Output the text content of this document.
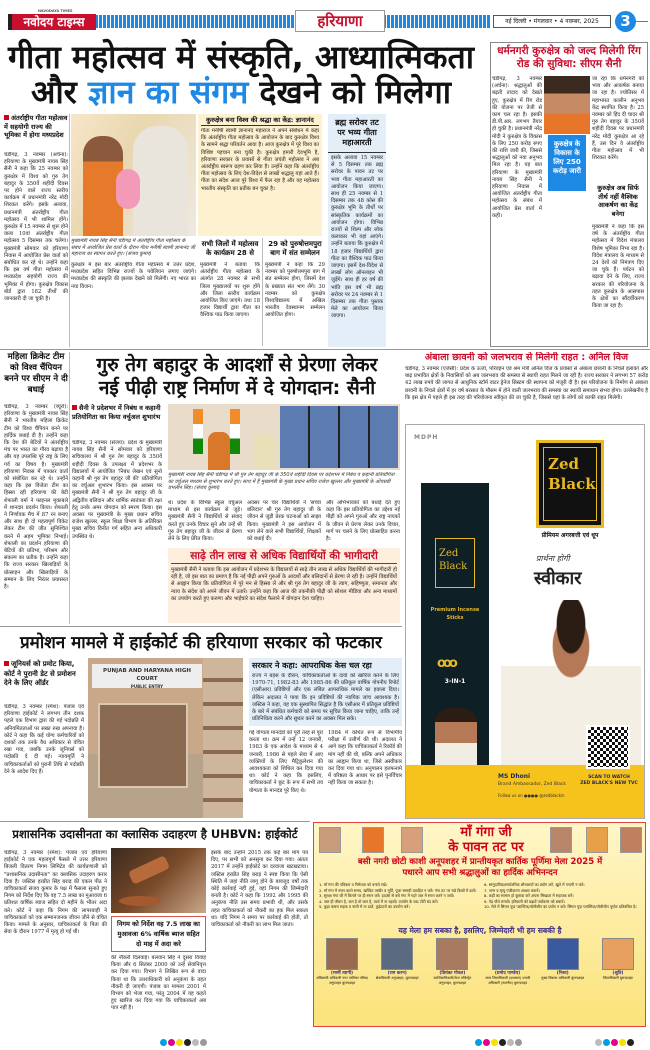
NAVODAYA TIMES
नवोदय टाइम्स	हरियाणा	नई दिल्ली • मंगलवार • 4 नवम्बर, 2025	3
गीता महोत्सव में संस्कृति, आध्यात्मिकता
और ज्ञान का संगम देखने को मिलेगा
अंतर्राष्ट्रीय गीता महोत्सव में सहयोगी राज्य की भूमिका में होगा मध्यप्रदेश
चंडीगढ़, 3 नवम्बर (अर्चना): हरियाणा के मुख्यमंत्री नायब सिंह सैनी ने कहा कि 25 नवम्बर को कुरुक्षेत्र में विश्व को गुरु तेग बहादुर के 350वें शहीदी दिवस पर होने वाले राज्य स्तरीय कार्यक्रम में प्रधानमंत्री नरेंद्र मोदी शिरकत करेंगे। इसके अलावा, प्रधानमंत्री अंतर्राष्ट्रीय गीता महोत्सव में भी शामिल होंगे। कुरुक्षेत्र में 15 नवम्बर से शुरू होने वाला 10वां अंतर्राष्ट्रीय गीता महोत्सव 5 दिसम्बर तक चलेगा। मुख्यमंत्री सोमवार को हरियाणा निवास में आयोजित प्रेस वार्ता को संबोधित कर रहे थे। उन्होंने कहा कि इस वर्ष गीता महोत्सव में मध्यप्रदेश सहयोगी राज्य की भूमिका में होगा। कुरुक्षेत्र विकास बोर्ड द्वारा 182 तीर्थों की जानकारी दी जा चुकी है।
मुख्यमंत्री नायब सिंह सैनी चंडीगढ़ में अंतर्राष्ट्रीय गीता महोत्सव के संबंध में आयोजित प्रेस वार्ता के दौरान गीता मनीषी स्वामी ज्ञानानंद जी महाराज का स्वागत करते हुए। (संजय कुमार)
कुरुक्षेत्र में इस बार अंतर्राष्ट्रीय गीता महोत्सव में उत्तर प्रदेश, मध्यप्रदेश सहित विभिन्न राज्यों के पवेलियन लगाए जाएंगे। मध्यप्रदेश की संस्कृति की झलक देखने को मिलेगी। नए भारत का नया विजन।
कुरुक्षेत्र बना विश्व की श्रद्धा का केंद्र: ज्ञानानंद
गीता मनीषी स्वामी ज्ञानानंद महाराज ने अपने संबोधन में कहा कि अंतर्राष्ट्रीय गीता महोत्सव के आयोजन के बाद कुरुक्षेत्र विश्व के सामने श्रद्धा परिवर्तन आया है। आज कुरुक्षेत्र में पूरे विश्व का विशिष्ट पहचान बना चुकी है। कुरुक्षेत्र हमारी देवभूमि है, हरियाणा सरकार के प्रयासों से गीता जयंती महोत्सव ने अब अंतर्राष्ट्रीय स्वरूप ग्रहण कर लिया है। उन्होंने कहा कि अंतर्राष्ट्रीय गीता महोत्सव के लिए देश-विदेश से लाखों श्रद्धालु यहां आते हैं। गीता का संदेश आज पूरे विश्व में फैल रहा है और यह महोत्सव भारतीय संस्कृति का प्रतीक बन चुका है।
सभी जिलों में महोत्सव के कार्यक्रम 28 से
मुख्यमंत्री ने बताया कि अंतर्राष्ट्रीय गीता महोत्सव के अंतर्गत 28 नवम्बर से सभी जिला मुख्यालयों पर शुरू होंगे और जिला स्तरीय कार्यक्रम आयोजित किए जाएंगे। तथा 18 हजार विद्यार्थी द्वारा गीता का वैश्विक पाठ किया जाएगा।
29 को पुरुषोत्तमपुरा बाग में संत सम्मेलन
मुख्यमंत्री ने कहा कि 29 नवम्बर को पुरुषोत्तमपुरा बाग में संत सम्मेलन होगा, जिसमें देश के प्रख्यात संत भाग लेंगे। 30 नवम्बर को कुरुक्षेत्र विश्वविद्यालय में अखिल भारतीय देवस्थानम सम्मेलन आयोजित होगा।
ब्रह्म सरोवर तट पर भव्य गीता महाआरती
इसके अलावा 15 नवम्बर से 5 दिसम्बर तक ब्रह्म सरोवर के पावन तट पर भव्य गीता महाआरती का आयोजन किया जाएगा। साथ ही 25 नवम्बर से 1 दिसम्बर तक 48 कोस की कुरुक्षेत्र भूमि के तीर्थों पर सांस्कृतिक कार्यक्रमों का आयोजन होगा। विभिन्न राज्यों से शिल्प और लोक कलाकार भी यहां आएंगे। उन्होंने बताया कि कुरुक्षेत्र में 18 हजार विद्यार्थियों द्वारा गीता का वैश्विक पाठ किया जाएगा। इसमें देश-विदेश से लाखों लोग ऑनलाइन भी जुड़ेंगे। साथ ही हर वर्ष की भांति इस वर्ष भी ब्रह्म सरोवर पर 24 नवम्बर से 1 दिसम्बर तक गीता पुस्तक मेले का आयोजन किया जाएगा।
धर्मनगरी कुरुक्षेत्र को जल्द मिलेगी रिंग रोड की सुविधा: सीएम सैनी
चंडीगढ़, 3 नवम्बर (अर्चना): श्रद्धालुओं की बढ़ती तादाद को देखते हुए, कुरुक्षेत्र में रिंग रोड की योजना पर तेजी से काम चल रहा है। इसकी डी.पी.आर. लगभग तैयार हो चुकी है। प्रधानमंत्री नरेंद्र मोदी ने कुरुक्षेत्र के विकास के लिए 250 करोड़ रुपए की राशि जारी की, जिससे श्रद्धालुओं को नया अनुभव मिल रहा है। यह बात हरियाणा के मुख्यमंत्री नायब सिंह सैनी ने हरियाणा निवास में आयोजित अंतर्राष्ट्रीय गीता महोत्सव के संबंध में आयोजित प्रेस वार्ता में कही।
कुरुक्षेत्र के विकास के लिए 250 करोड़ जारी
जा रहा कि धर्मनगरी को भव्य और आकर्षक बनाया जा रहा है। ज्योतिसर में महाभारत कालीन अनुभव केंद्र स्थापित किया है। 25 नवम्बर को हिंद दी चादर श्री गुरु तेग बहादुर के 350वें शहीदी दिवस पर प्रधानमंत्री नरेंद्र मोदी कुरुक्षेत्र आ रहे हैं, उस दिन वे अंतर्राष्ट्रीय गीता महोत्सव में भी शिरकत करेंगे।
कुरुक्षेत्र अब सिर्फ तीर्थ नहीं वैश्विक आकर्षण का केंद्र बनेगा
मुख्यमंत्री ने कहा कि इस वर्ष के अंतर्राष्ट्रीय गीता महोत्सव में विदेश मंत्रालय विशेष भूमिका निभा रहा है। विदेश मंत्रालय के माध्यम से 24 देशों को निमंत्रण दिए जा चुके हैं। पर्यटन को बढ़ावा देने के लिए, राज्य सरकार की परियोजना के तहत कुरुक्षेत्र के आसपास के क्षेत्रों का सौंदर्यीकरण किया जा रहा है।
महिला क्रिकेट टीम को विश्व चैंपियन बनने पर सीएम ने दी बधाई
चंडीगढ़, 3 नवम्बर (ब्यूरो): हरियाणा के मुख्यमंत्री नायब सिंह सैनी ने भारतीय महिला क्रिकेट टीम को विश्व चैंपियन बनने पर हार्दिक बधाई दी है। उन्होंने कहा कि देश की बेटियों ने अंतर्राष्ट्रीय मंच पर भारत का गौरव बढ़ाया है और यह उपलब्धि पूरे राष्ट्र के लिए गर्व का विषय है। मुख्यमंत्री हरियाणा निवास में पत्रकार वार्ता को संबोधित कर रहे थे। उन्होंने कहा कि इस विजेता टीम का हिस्सा रही हरियाणा की बेटी शेफाली वर्मा ने फाइनल मुकाबले में शानदार प्रदर्शन किया। शेफाली ने निर्णायक मैच में 87 रन बनाए और साथ ही दो महत्वपूर्ण विकेट लेकर टीम की जीत सुनिश्चित करने में अहम भूमिका निभाई। शेफाली का प्रदर्शन हरियाणा की बेटियों की प्रतिभा, परिश्रम और संकल्प का प्रतीक है। उन्होंने कहा कि राज्य सरकार खिलाड़ियों के प्रोत्साहन और खिलाड़ियों के सम्मान के लिए निरंतर प्रयासरत है।
गुरु तेग बहादुर के आदर्शों से प्रेरणा लेकर
नई पीढ़ी राष्ट्र निर्माण में दे योगदान: सैनी
सैनी ने प्रदेशभर में निबंध व कहानी प्रतियोगिता का किया वर्चुअल शुभारंभ
चंडीगढ़, 3 नवम्बर (संजय): प्रदेश के मुख्यमंत्री नायब सिंह सैनी ने सोमवार को हरियाणा सचिवालय में श्री गुरु तेग बहादुर के 350वें शहीदी दिवस के उपलक्ष्य में प्रदेशभर के विद्यालयों में आयोजित 'निबंध लेखन एवं सुनो कहानी श्री गुरु तेग बहादुर जी की' प्रतियोगिता का वर्चुअल शुभारंभ किया। इस अवसर पर मुख्यमंत्री सैनी ने श्री गुरु तेग बहादुर जी के अद्वितीय बलिदान और धार्मिक स्वतंत्रता की रक्षा हेतु उनके अमर योगदान को स्मरण किया। इस अवसर पर मुख्यमंत्री के मुख्य प्रधान सचिव राजेश खुल्लर, स्कूल शिक्षा विभाग के अतिरिक्त मुख्य सचिव विनीत गर्ग सहित अन्य अधिकारी उपस्थित थे।
मुख्यमंत्री नायब सिंह सैनी चंडीगढ़ में श्री गुरु तेग बहादुर जी के 350वें शहीदी दिवस पर प्रदेशभर में निबंध व कहानी प्रतियोगिता का वर्चुअल माध्यम से शुभारंभ करते हुए। साथ में हैं मुख्यमंत्री के मुख्य प्रधान सचिव राजेश खुल्लर और मुख्यमंत्री के ओएसडी प्रभलीन सिंह। (संजय कुमार)
थे। प्रदेश के विभिन्न स्कूल वर्चुअल माध्यम से इस कार्यक्रम से जुड़े। मुख्यमंत्री सैनी ने विद्यार्थियों से संवाद करते हुए उनके विचार सुने और उन्हें श्री गुरु तेग बहादुर जी के जीवन से प्रेरणा लेने के लिए प्रेरित किया।
अवसर पर चार विद्यार्थियों ने 'सच्चा बलिदान' श्री गुरु तेग बहादुर जी के जीवन से जुड़ी प्रेरक घटनाओं को साझा किया। मुख्यमंत्री ने इस आयोजन में भाग लेने वाले सभी विद्यार्थियों, शिक्षकों को बधाई दी।
और अभिभावकों को बधाई देते हुए कहा कि इस प्रतियोगिता का उद्देश्य नई पीढ़ी को अपने गुरुओं और राष्ट्र नायकों के जीवन से प्रेरणा लेकर उनके विचार, मार्ग पर चलने के लिए प्रोत्साहित करना है।
साढ़े तीन लाख से अधिक विद्यार्थियों की भागीदारी
मुख्यमंत्री सैनी ने बताया कि इस आयोजन में प्रदेशभर के विद्यालयों से साढ़े तीन लाख से अधिक विद्यार्थियों की भागीदारी हो रही है, जो इस बात का प्रमाण है कि नई पीढ़ी अपने गुरुओं के आदर्शों और बलिदानों से प्रेरणा ले रही है। उन्होंने विद्यार्थियों से आह्वान किया कि प्रतियोगिता में पूरे मन से हिस्सा लें और श्री गुरु तेग बहादुर जी के त्याग, सहिष्णुता, समानता और न्याय के संदेश को अपने जीवन में उतारें। उन्होंने कहा कि आज की तकनीकी पीढ़ी को सोशल मीडिया और अन्य माध्यमों का उपयोग करते हुए करुणा और भाईचारे का संदेश फैलाने में योगदान देना चाहिए।
अंबाला छावनी को जलभराव से मिलेगी राहत : अनिल विज
चंडीगढ़, 3 नवम्बर (एजेंसी): प्रदेश के ऊर्जा, परिवहन एवं श्रम मंत्री अनिल विज के प्रयासों से अंबाला छावनी के निचले इलाकों और बाढ़ प्रभावित क्षेत्रों के निवासियों को अब जलभराव की समस्या से स्थायी राहत मिलने जा रही है। राज्य सरकार ने लगभग 57 करोड़ 42 लाख रुपये की लागत से आधुनिक स्टॉर्म वाटर ड्रेनेज सिस्टम की स्थापना को मंजूरी दी है। इस परियोजना के निर्माण से अंबाला छावनी के निचले क्षेत्रों में हर वर्ष बरसात के मौसम में होने वाली जलभराव की समस्या का स्थायी समाधान संभव होगा। उल्लेखनीय है कि इस क्षेत्र में पहले ही इस तरह की परियोजना स्वीकृत की जा चुकी है, जिससे यहां के लोगों को काफी राहत मिलेगी।
MDPH
Zed
Black
प्रीमियम अगरबत्ती एवं धूप
प्रार्थना होगी
स्वीकार
Zed
Black
Premium Incense Sticks
ooo
3-IN-1
MS Dhoni
Brand Ambassador, Zed Black
Follow us on ●●●● @zedblackin
SCAN TO WATCH
ZED BLACK'S NEW TVC
प्रमोशन मामले में हाईकोर्ट की हरियाणा सरकार को फटकार
जूनियर्स को प्रमोट किया, कोर्ट ने पुरानी डेट से प्रमोशन देने के लिए ऑर्डर
चंडीगढ़, 3 नवम्बर (रमेश): पंजाब एवं हरियाणा हाईकोर्ट ने लगभग तीन दशक पहले एक विभाग द्वारा की गई पदोन्नति में अनियमितताओं पर सख्त रुख अपनाया है। कोर्ट ने कहा कि कई योग्य कर्मचारियों को दशकों तक उनके वैध अधिकार से वंचित रखा गया, जबकि उनके जूनियर्स को पदोन्नति दे दी गई। न्यायमूर्ति ने याचिकाकर्ताओं को पुरानी तिथि से पदोन्नति देने के आदेश दिए हैं।
PUNJAB AND HARYANA HIGH COURT
PUBLIC ENTRY
सरकार ने कहा: आपराधिक केस चल रहा
राज्य ने बहस के दौरान, याचिकाकर्ताओं के दावों को खारिज करने के लिए 1970-71, 1982-83 और 1985-86 की प्रतिकूल वार्षिक गोपनीय रिपोर्ट (एसीआर) प्रविष्टियों और एक लंबित आपराधिक मामले का हवाला दिया। लेकिन अदालत ने पाया कि इन प्रविष्टियों की न्यायिक जांच आवश्यक है। जस्टिस ने कहा, यह एक सुस्थापित सिद्धांत है कि एसीआर में प्रतिकूल प्रविष्टियों के बारे में संबंधित कर्मचारी को समय पर सूचित किया जाना चाहिए, ताकि उन्हें प्रतिनिधित्व करने और सुधार करने का अवसर मिल सके।
गई योग्यता मानदंडों को पूरी तरह से पूरा करता था। क्रम में उन्हें 12 जनवरी, 1983 के एक आदेश के माध्यम से 4 जनवरी, 1986 से पहले सेवा में आए व्यक्तियों के लिए मैट्रिकुलेशन की आवश्यकता को शिथिल कर दिया गया था। कोर्ट ने कहा कि इसलिए, याचिकाकर्ता ने छूट के रूप में सभी तय योग्यता के मानदंड पूरे किए थे।
1984 में कथित रूप से विभागीय परीक्षा में उत्तीर्ण की थी। अदालत ने आगे कहा कि याचिकाकर्ता ने रिकॉर्ड की मांग नहीं की थी, बल्कि अपने अधिकार का आह्वान किया था, जिसे अस्वीकार कर दिया गया था। अनुपालन हलफनामे में वरिष्ठता के आधार पर इसे पुनर्विचार नहीं किया जा सकता है।
प्रशासनिक उदासीनता का क्लासिक उदाहरण है UHBVN: हाईकोर्ट
चंडीगढ़, 3 नवम्बर (रमेश): पंजाब एवं हरियाणा हाईकोर्ट ने एक महत्वपूर्ण फैसले में उत्तर हरियाणा बिजली वितरण निगम लिमिटेड की कार्यप्रणाली को "प्रशासनिक उदासीनता" का क्लासिक उदाहरण करार दिया है। जस्टिस हरप्रीत सिंह बराड़ की एकल पीठ ने याचिकाकर्ता संजय कुमार के पक्ष में फैसला सुनाते हुए निगम को निर्देश दिए कि वह 7.5 लाख का मुआवजा 6 प्रतिशत वार्षिक ब्याज सहित दो महीने के भीतर अदा करे। कोर्ट ने कहा कि निगम की लापरवाही ने याचिकाकर्ता को एक सम्मानजनक जीवन जीने से वंचित किया। मामले के अनुसार, याचिकाकर्ता के पिता की सेवा के दौरान 1977 में मृत्यु हो गई थी।
निगम को निर्देश वह 7.5 लाख का मुआवजा 6% वार्षिक ब्याज सहित दो माह में अदा करे
की नौकरी दिलवाई। बलवान सिंह ने दूसरा विवाह किया और 6 सितंबर 2000 को उन्हें सेवानिवृत्त कर दिया गया। विभाग ने लिखित रूप से वादा किया था कि उत्तराधिकारी को अनुकंपा के तहत नौकरी दी जाएगी। पंजाब का मामला 2001 में विभाग को भेजा गया, परंतु 2004 में यह कहते हुए खारिज कर दिया गया कि याचिकाकर्ता अब पात्र नहीं है।
इसके बाद उन्होंने 2015 तक कई बार मांग पत्र दिए, पर सभी को अनसुना कर दिया गया। अंततः 2017 में उन्होंने हाईकोर्ट का दरवाजा खटखटाया। जस्टिस हरप्रीत सिंह बराड़ ने स्पष्ट किया कि ऐसी स्थिति में जहां नीति लागू होने के बावजूद वर्षों तक कोई कार्रवाई नहीं हुई, वहां निगम की जिम्मेदारी बनती है। कोर्ट ने कहा कि 1992 और 1995 की अनुकंपा नीति उस समय प्रभावी थी, और उसके तहत याचिकाकर्ता को नौकरी का हक मिल सकता था। यदि निगम ने समय पर कार्रवाई की होती, तो याचिकाकर्ता को नौकरी का लाभ मिल जाता।
माँ गंगा जी
के पावन तट पर
बसी नगरी छोटी काशी अनूपशहर में प्रान्तीयकृत कार्तिक पूर्णिमा मेला 2025 में
पधारने आप सभी श्रद्धालुओं का हार्दिक अभिनन्दन
1. माँ गंगा की पवित्रता व निर्मलता को बनाये रखें।
2. माँ गंगा में स्नान करते समय, खण्डित तस्वीर व मूर्ति, पूजा सामग्री प्रवाहित न करें। गंगा तट पर रखे डिब्बों में डालें।
3. सुरक्षा गंगा जी में किनारे पर ही स्नान करें। हादसों से बचें गंगा में गहरे जल में स्नान करने न जायें।
4. जल ही जीवन है, जल है तो कल है, व्यर्थ में ना बहायें। उपयोग के बाद टोंटी बंद करें।
5. कूड़ा कचरा सड़क व नाली में ना डालें, कूड़ेदानों का उपयोग करें।
6. सामुदायिक/सार्वजनिक शौचालयों का प्रयोग करें, खुले में गन्दगी न करें।
7. जन्म व मृत्यु पंजीकरण अवश्य करायें।
8. कहीं का सामान हो बुलावा करें अपना सिखाता में सहायक बनें।
9. पेड़ पौधे लगायें। हरियाली को बढ़ावें पर्यावरण को बचायें।
10. मेले में सिंगल यूज़ प्लास्टिक/पॉलीथीन का प्रयोग न करें। सिंगल यूज़ प्लास्टिक/पॉलीथीन पूर्णतः प्रतिबंधित है।
यह मेला हम सबका है, इसलिए, जिम्मेदारी भी हम सबकी है
(मार्मी त्यागी)
अधिशासी अधिकारी नगर पालिका परिषद अनूपशहर बुलन्दशहर
(राम करन)
क्षेत्राधिकारी अनूपशहर, बुलन्दशहर
(प्रियंका गोयल)
उपजिलाधिकारी/मेला मजिस्ट्रेट अनूपशहर, बुलन्दशहर
(प्रमोद पाण्डेय)
अपर जिलाधिकारी (प्रशासन) प्रभारी अधिकारी (स्थानीय) बुलन्दशहर
(निशा)
मुख्य विकास अधिकारी बुलन्दशहर
(श्रुति)
जिलाधिकारी बुलन्दशहर
